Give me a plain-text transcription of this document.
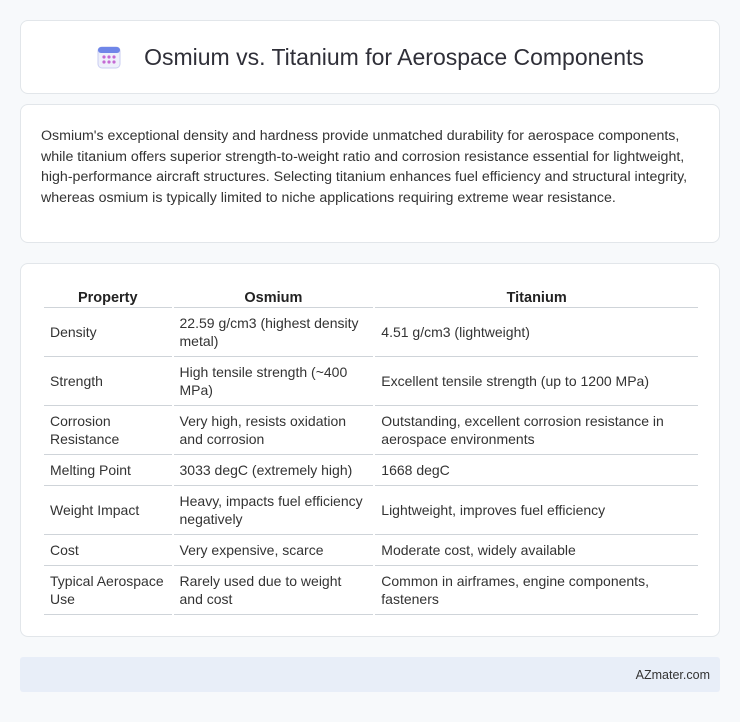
Osmium vs. Titanium for Aerospace Components

Osmium's exceptional density and hardness provide unmatched durability for aerospace components, while titanium offers superior strength-to-weight ratio and corrosion resistance essential for lightweight, high-performance aircraft structures. Selecting titanium enhances fuel efficiency and structural integrity, whereas osmium is typically limited to niche applications requiring extreme wear resistance.

Property	Osmium	Titanium
Density	22.59 g/cm3 (highest density metal)	4.51 g/cm3 (lightweight)
Strength	High tensile strength (~400 MPa)	Excellent tensile strength (up to 1200 MPa)
Corrosion Resistance	Very high, resists oxidation and corrosion	Outstanding, excellent corrosion resistance in aerospace environments
Melting Point	3033 degC (extremely high)	1668 degC
Weight Impact	Heavy, impacts fuel efficiency negatively	Lightweight, improves fuel efficiency
Cost	Very expensive, scarce	Moderate cost, widely available
Typical Aerospace Use	Rarely used due to weight and cost	Common in airframes, engine components, fasteners
AZmater.com
